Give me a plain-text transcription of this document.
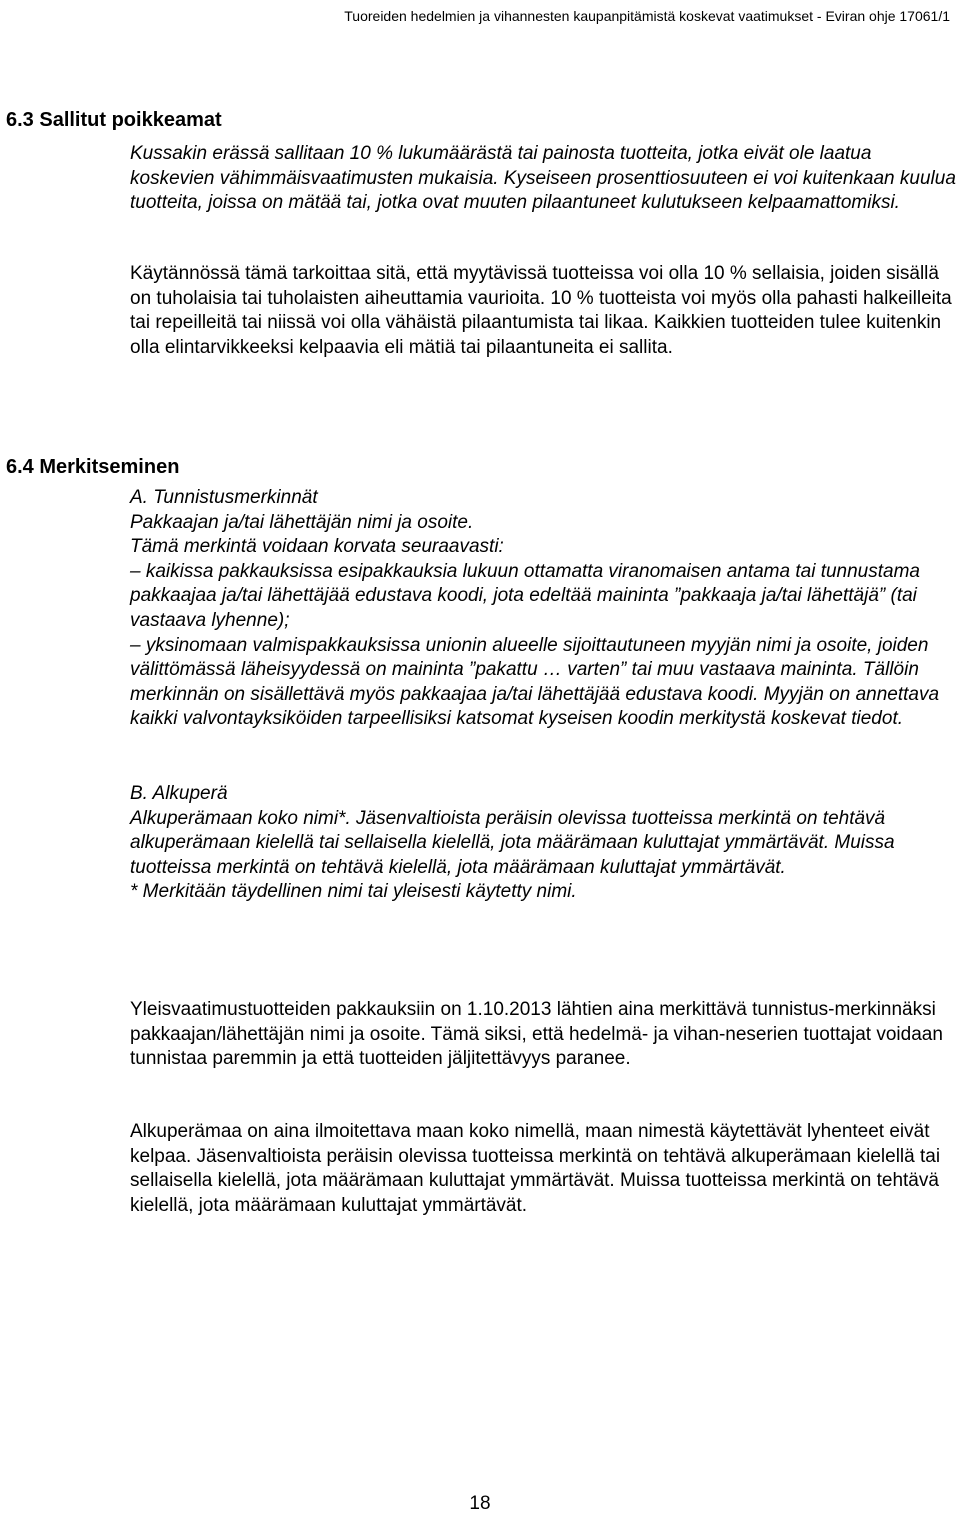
Tuoreiden hedelmien ja vihannesten kaupanpitämistä koskevat vaatimukset - Eviran ohje 17061/1
6.3 Sallitut poikkeamat

Kussakin erässä sallitaan 10 % lukumäärästä tai painosta tuotteita, jotka eivät ole laatua koskevien vähimmäisvaatimusten mukaisia. Kyseiseen prosenttiosuuteen ei voi kuitenkaan kuulua tuotteita, joissa on mätää tai, jotka ovat muuten pilaantuneet kulutukseen kelpaamattomiksi.

Käytännössä tämä tarkoittaa sitä, että myytävissä tuotteissa voi olla 10 % sellaisia, joiden sisällä on tuholaisia tai tuholaisten aiheuttamia vaurioita. 10 % tuotteista voi myös olla pahasti halkeilleita tai repeilleitä tai niissä voi olla vähäistä pilaantumista tai likaa. Kaikkien tuotteiden tulee kuitenkin olla elintarvikkeeksi kelpaavia eli mätiä tai pilaantuneita ei sallita.

6.4 Merkitseminen

A. Tunnistusmerkinnät

Pakkaajan ja/tai lähettäjän nimi ja osoite.

Tämä merkintä voidaan korvata seuraavasti:

– kaikissa pakkauksissa esipakkauksia lukuun ottamatta viranomaisen antama tai tunnustama pakkaajaa ja/tai lähettäjää edustava koodi, jota edeltää maininta ”pakkaaja ja/tai lähettäjä” (tai vastaava lyhenne);

– yksinomaan valmispakkauksissa unionin alueelle sijoittautuneen myyjän nimi ja osoite, joiden välittömässä läheisyydessä on maininta ”pakattu … varten” tai muu vastaava maininta. Tällöin merkinnän on sisällettävä myös pakkaajaa ja/tai lähettäjää edustava koodi. Myyjän on annettava kaikki valvontayksiköiden tarpeellisiksi katsomat kyseisen koodin merkitystä koskevat tiedot.

B. Alkuperä

Alkuperämaan koko nimi*. Jäsenvaltioista peräisin olevissa tuotteissa merkintä on tehtävä alkuperämaan kielellä tai sellaisella kielellä, jota määrämaan kuluttajat ymmärtävät. Muissa tuotteissa merkintä on tehtävä kielellä, jota määrämaan kuluttajat ymmärtävät.

* Merkitään täydellinen nimi tai yleisesti käytetty nimi.

Yleisvaatimustuotteiden pakkauksiin on 1.10.2013 lähtien aina merkittävä tunnistus-merkinnäksi pakkaajan/lähettäjän nimi ja osoite. Tämä siksi, että hedelmä- ja vihan-neserien tuottajat voidaan tunnistaa paremmin ja että tuotteiden jäljitettävyys paranee.

Alkuperämaa on aina ilmoitettava maan koko nimellä, maan nimestä käytettävät lyhenteet eivät kelpaa. Jäsenvaltioista peräisin olevissa tuotteissa merkintä on tehtävä alkuperämaan kielellä tai sellaisella kielellä, jota määrämaan kuluttajat ymmärtävät. Muissa tuotteissa merkintä on tehtävä kielellä, jota määrämaan kuluttajat ymmärtävät.

18
